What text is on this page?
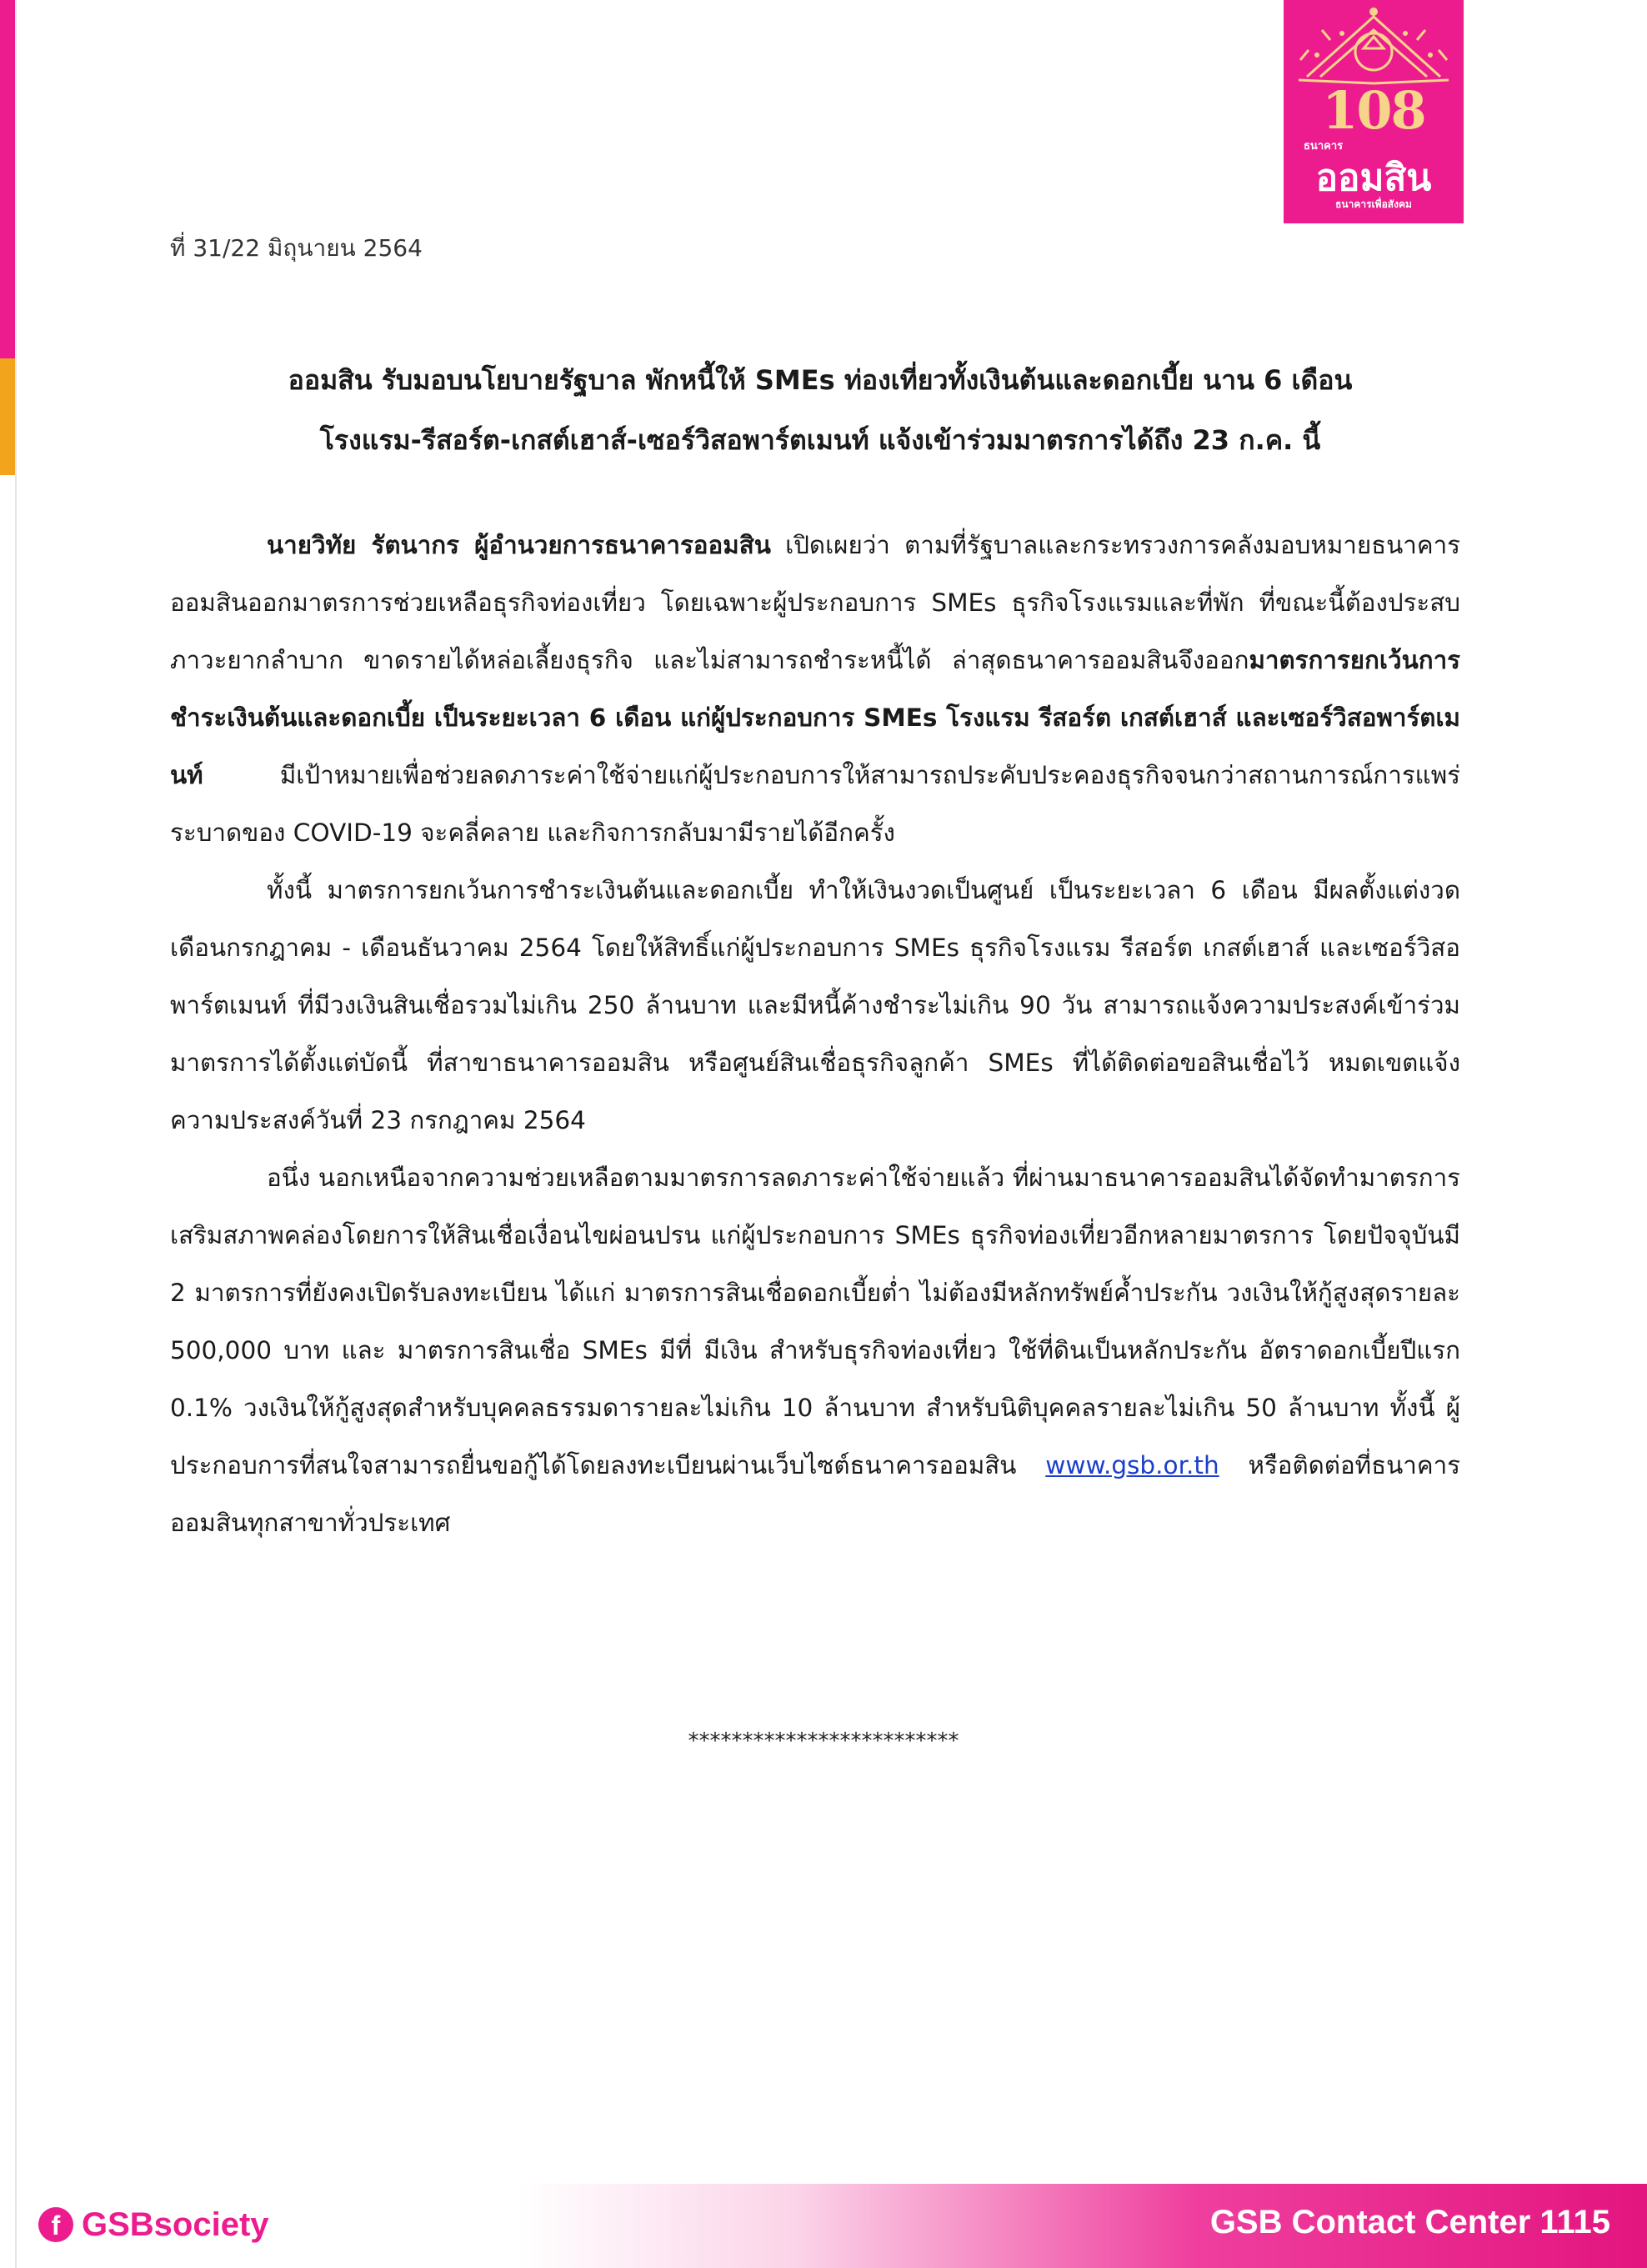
108
ธนาคาร
ออมสิน
ธนาคารเพื่อสังคม
ที่ 31/22 มิถุนายน 2564
ออมสิน รับมอบนโยบายรัฐบาล พักหนี้ให้ SMEs ท่องเที่ยวทั้งเงินต้นและดอกเบี้ย นาน 6 เดือน
โรงแรม-รีสอร์ต-เกสต์เฮาส์-เซอร์วิสอพาร์ตเมนท์ แจ้งเข้าร่วมมาตรการได้ถึง 23 ก.ค. นี้

นายวิทัย รัตนากร ผู้อำนวยการธนาคารออมสิน เปิดเผยว่า ตามที่รัฐบาลและกระทรวงการคลังมอบหมายธนาคารออมสินออกมาตรการช่วยเหลือธุรกิจท่องเที่ยว โดยเฉพาะผู้ประกอบการ SMEs ธุรกิจโรงแรมและที่พัก ที่ขณะนี้ต้องประสบภาวะยากลำบาก ขาดรายได้หล่อเลี้ยงธุรกิจ และไม่สามารถชำระหนี้ได้ ล่าสุดธนาคารออมสินจึงออกมาตรการยกเว้นการชำระเงินต้นและดอกเบี้ย เป็นระยะเวลา 6 เดือน แก่ผู้ประกอบการ SMEs โรงแรม รีสอร์ต เกสต์เฮาส์ และเซอร์วิสอพาร์ตเมนท์ มีเป้าหมายเพื่อช่วยลดภาระค่าใช้จ่ายแก่ผู้ประกอบการให้สามารถประคับประคองธุรกิจจนกว่าสถานการณ์การแพร่ระบาดของ COVID-19 จะคลี่คลาย และกิจการกลับมามีรายได้อีกครั้ง

ทั้งนี้ มาตรการยกเว้นการชำระเงินต้นและดอกเบี้ย ทำให้เงินงวดเป็นศูนย์ เป็นระยะเวลา 6 เดือน มีผลตั้งแต่งวดเดือนกรกฎาคม - เดือนธันวาคม 2564 โดยให้สิทธิ์แก่ผู้ประกอบการ SMEs ธุรกิจโรงแรม รีสอร์ต เกสต์เฮาส์ และเซอร์วิสอพาร์ตเมนท์ ที่มีวงเงินสินเชื่อรวมไม่เกิน 250 ล้านบาท และมีหนี้ค้างชำระไม่เกิน 90 วัน สามารถแจ้งความประสงค์เข้าร่วมมาตรการได้ตั้งแต่บัดนี้ ที่สาขาธนาคารออมสิน หรือศูนย์สินเชื่อธุรกิจลูกค้า SMEs ที่ได้ติดต่อขอสินเชื่อไว้ หมดเขตแจ้งความประสงค์วันที่ 23 กรกฎาคม 2564

อนึ่ง นอกเหนือจากความช่วยเหลือตามมาตรการลดภาระค่าใช้จ่ายแล้ว ที่ผ่านมาธนาคารออมสินได้จัดทำมาตรการเสริมสภาพคล่องโดยการให้สินเชื่อเงื่อนไขผ่อนปรน แก่ผู้ประกอบการ SMEs ธุรกิจท่องเที่ยวอีกหลายมาตรการ โดยปัจจุบันมี 2 มาตรการที่ยังคงเปิดรับลงทะเบียน ได้แก่ มาตรการสินเชื่อดอกเบี้ยต่ำ ไม่ต้องมีหลักทรัพย์ค้ำประกัน วงเงินให้กู้สูงสุดรายละ 500,000 บาท และ มาตรการสินเชื่อ SMEs มีที่ มีเงิน สำหรับธุรกิจท่องเที่ยว ใช้ที่ดินเป็นหลักประกัน อัตราดอกเบี้ยปีแรก 0.1% วงเงินให้กู้สูงสุดสำหรับบุคคลธรรมดารายละไม่เกิน 10 ล้านบาท สำหรับนิติบุคคลรายละไม่เกิน 50 ล้านบาท ทั้งนี้ ผู้ประกอบการที่สนใจสามารถยื่นขอกู้ได้โดยลงทะเบียนผ่านเว็บไซต์ธนาคารออมสิน www.gsb.or.th หรือติดต่อที่ธนาคารออมสินทุกสาขาทั่วประเทศ

*************************
f GSBsociety	GSB Contact Center 1115
